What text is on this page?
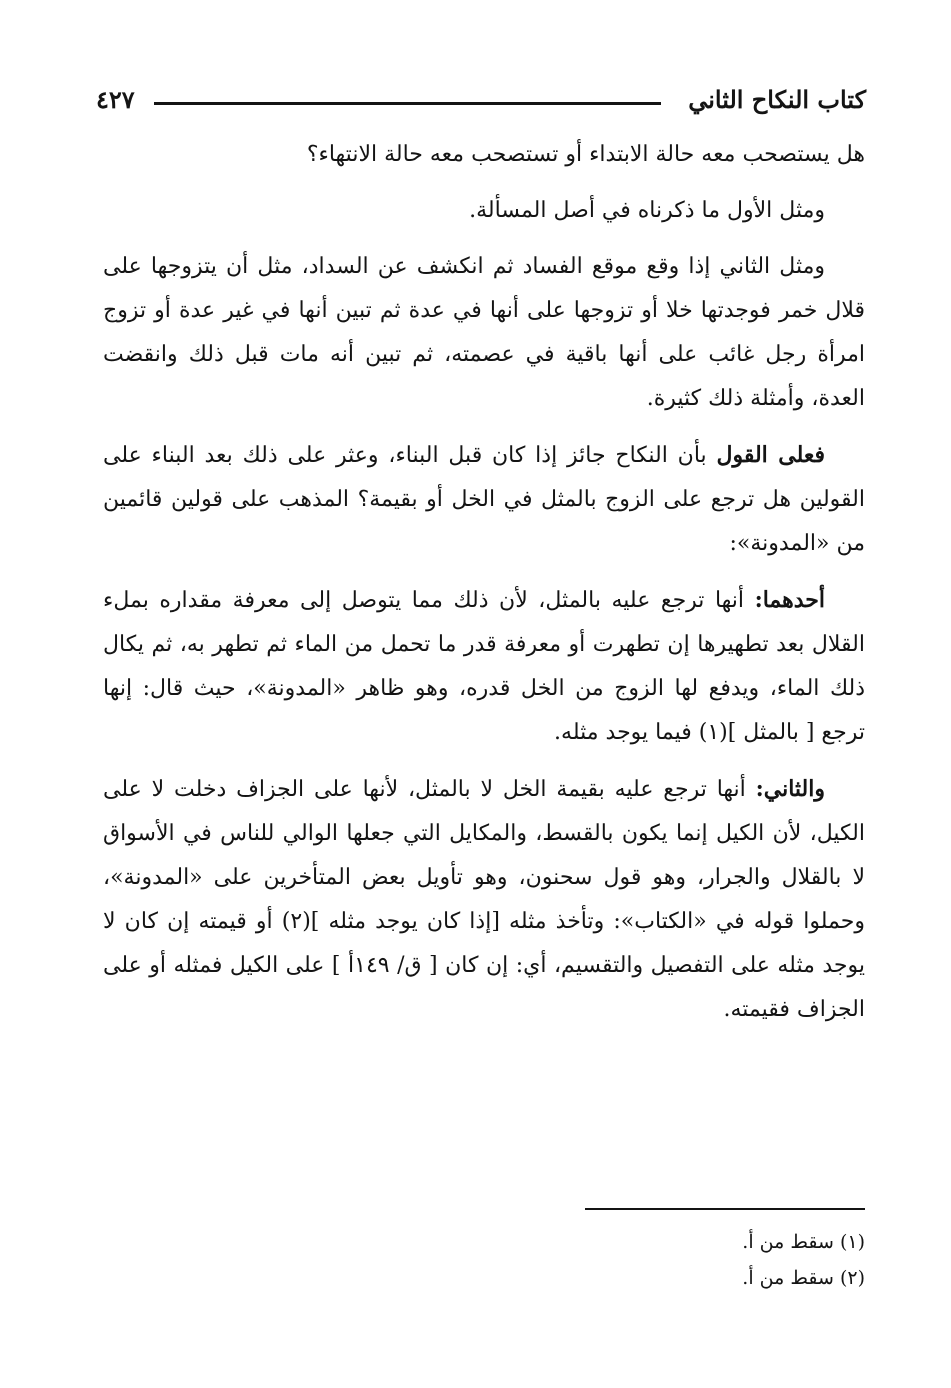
كتاب النكاح الثاني
٤٢٧

هل يستصحب معه حالة الابتداء أو تستصحب معه حالة الانتهاء؟

ومثل الأول ما ذكرناه في أصل المسألة.

ومثل الثاني إذا وقع موقع الفساد ثم انكشف عن السداد، مثل أن يتزوجها على قلال خمر فوجدتها خلا أو تزوجها على أنها في عدة ثم تبين أنها في غير عدة أو تزوج امرأة رجل غائب على أنها باقية في عصمته، ثم تبين أنه مات قبل ذلك وانقضت العدة، وأمثلة ذلك كثيرة.

فعلى القول بأن النكاح جائز إذا كان قبل البناء، وعثر على ذلك بعد البناء على القولين هل ترجع على الزوج بالمثل في الخل أو بقيمة؟ المذهب على قولين قائمين من «المدونة»:

أحدهما: أنها ترجع عليه بالمثل، لأن ذلك مما يتوصل إلى معرفة مقداره بملء القلال بعد تطهيرها إن تطهرت أو معرفة قدر ما تحمل من الماء ثم تطهر به، ثم يكال ذلك الماء، ويدفع لها الزوج من الخل قدره، وهو ظاهر «المدونة»، حيث قال: إنها ترجع [ بالمثل ](١) فيما يوجد مثله.

والثاني: أنها ترجع عليه بقيمة الخل لا بالمثل، لأنها على الجزاف دخلت لا على الكيل، لأن الكيل إنما يكون بالقسط، والمكايل التي جعلها الوالي للناس في الأسواق لا بالقلال والجرار، وهو قول سحنون، وهو تأويل بعض المتأخرين على «المدونة»، وحملوا قوله في «الكتاب»: وتأخذ مثله [إذا كان يوجد مثله ](٢) أو قيمته إن كان لا يوجد مثله على التفصيل والتقسيم، أي: إن كان [ ق/ ١٤٩أ ] على الكيل فمثله أو على الجزاف فقيمته.

(١) سقط من أ.

(٢) سقط من أ.
